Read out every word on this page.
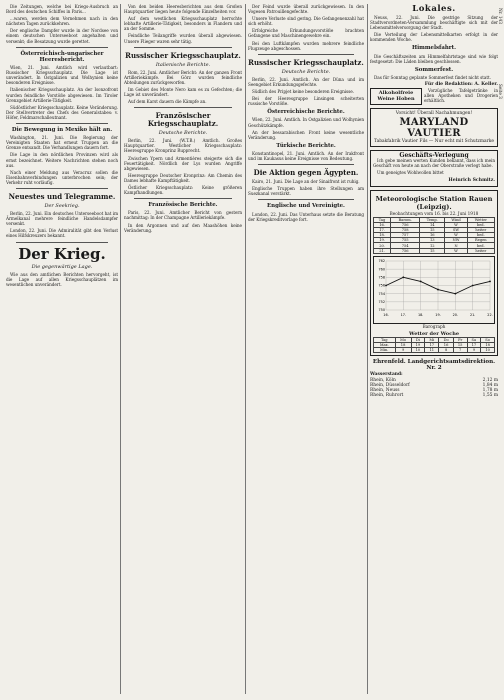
Die Zeitungen, welche bei Kriegs-Ausbruch an Bord des deutschen Schiffes in Paris...

...waren, werden dem Vernehmen nach in den nächsten Tagen zurückkehren.

Der englische Dampfer wurde in der Nordsee von einem deutschen Unterseeboot angehalten und versenkt; die Besatzung wurde gerettet.

Österreichisch-ungarischer Heeresbericht.

Wien, 21. Juni. Amtlich wird verlautbart: Russischer Kriegsschauplatz. Die Lage ist unverändert. In Ostgalizien und Wolhynien keine besonderen Ereignisse.

Italienischer Kriegsschauplatz. An der Isonzofront wurden feindliche Vorstöße abgewiesen. Im Tiroler Grenzgebiet Artillerie-Tätigkeit.

Südöstlicher Kriegsschauplatz. Keine Veränderung. Der Stellvertreter des Chefs des Generalstabes: v. Höfer, Feldmarschalleutnant.

Die Bewegung in Mexiko hält an.

Washington, 21. Juni. Die Regierung der Vereinigten Staaten hat erneut Truppen an die Grenze entsandt. Die Verhandlungen dauern fort.

Die Lage in den nördlichen Provinzen wird als ernst bezeichnet. Weitere Nachrichten stehen noch aus.

Nach einer Meldung aus Veracruz sollen die Eisenbahnverbindungen unterbrochen sein; der Verkehr ruht vorläufig.

Neuestes und Telegramme.
Der Seekrieg.

Berlin, 22. Juni. Ein deutsches Unterseeboot hat im Ärmelkanal mehrere feindliche Handelsdampfer versenkt.

London, 22. Juni. Die Admiralität gibt den Verlust eines Hilfskreuzers bekannt.

Der Krieg.
Die gegenwärtige Lage.

Wie aus den amtlichen Berichten hervorgeht, ist die Lage auf allen Kriegsschauplätzen im wesentlichen unverändert.

Von den beiden Heeresberichten aus dem Großen Hauptquartier liegen heute folgende Einzelheiten vor.

Auf dem westlichen Kriegsschauplatz herrschte lebhafte Artillerie-Tätigkeit, besonders in Flandern und an der Somme.

Feindliche Teilangriffe wurden überall abgewiesen. Unsere Flieger waren sehr tätig.

Russischer Kriegsschauplatz.
Italienische Berichte.

Rom, 22. Juni. Amtlicher Bericht: An der ganzen Front Artilleriekämpfe. Bei Görz wurden feindliche Abteilungen zurückgeworfen.

Im Gebiet des Monte Nero kam es zu Gefechten; die Lage ist unverändert.

Auf dem Karst dauern die Kämpfe an.

Französischer Kriegsschauplatz.
Deutsche Berichte.

Berlin, 22. Juni. (W.T.B.) Amtlich. Großes Hauptquartier. Westlicher Kriegsschauplatz: Heeresgruppe Kronprinz Rupprecht.

Zwischen Ypern und Armentières steigerte sich die Feuertätigkeit. Nördlich der Lys wurden Angriffe abgewiesen.

Heeresgruppe Deutscher Kronprinz: Am Chemin des Dames lebhafte Kampftätigkeit.

Östlicher Kriegsschauplatz: Keine größeren Kampfhandlungen.

Französische Berichte.

Paris, 22. Juni. Amtlicher Bericht von gestern nachmittag: In der Champagne Artilleriekämpfe.

In den Argonnen und auf den Maashöhen keine Veränderung.

Der Feind wurde überall zurückgewiesen. In den Vogesen Patrouillengefechte.

Unsere Verluste sind gering. Die Gefangenenzahl hat sich erhöht.

Erfolgreiche Erkundungsvorstöße brachten Gefangene und Maschinengewehre ein.

Bei den Luftkämpfen wurden mehrere feindliche Flugzeuge abgeschossen.

Russischer Kriegsschauplatz.
Deutsche Berichte.

Berlin, 22. Juni. Amtlich. An der Düna und im Seengebiet Erkundungsgefechte.

Südlich des Pripjet keine besonderen Ereignisse.

Bei der Heeresgruppe Linsingen scheiterten russische Vorstöße.

Österreichische Berichte.

Wien, 22. Juni. Amtlich. In Ostgalizien und Wolhynien Geschützkämpfe.

An der bessarabischen Front keine wesentliche Veränderung.

Türkische Berichte.

Konstantinopel, 21. Juni. Amtlich. An der Irakfront und im Kaukasus keine Ereignisse von Bedeutung.

Die Aktion gegen Ägypten.

Kairo, 21. Juni. Die Lage an der Sinaifront ist ruhig.

Englische Truppen haben ihre Stellungen am Suezkanal verstärkt.

Englische und Vereinigte.

London, 22. Juni. Das Unterhaus setzte die Beratung der Kriegskreditvorlage fort.

Lokales.

Neuss, 22. Juni. Die gestrige Sitzung der Stadtverordneten-Versammlung beschäftigte sich mit der Lebensmittelversorgung der Stadt.

Die Verteilung der Lebensmittelkarten erfolgt in der kommenden Woche.

Himmelsfahrt.

Die Geschäftszeiten am Himmelfahrtstage sind wie folgt festgesetzt: Die Läden bleiben geschlossen.

Sommerfest.

Das für Sonntag geplante Sommerfest findet nicht statt.

Für die Redaktion: A. Keller.
Alkoholfreie Weine Hoben
Vorzügliche Tafelgetränke in allen Apotheken und Drogerien erhältlich.
Vorsicht! Überall Nachahmungen!
MARYLAND VAUTIER
Tabakfabrik Vautier Fils — Nur echt mit Schutzmarke
Geschäfts-Verlegung

Ich gebe meinen werten Kunden bekannt, dass ich mein Geschäft von heute an nach der Oberstraße verlegt habe.

Um geneigtes Wohlwollen bittet

Heinrich Schmitz.
Meteorologische Station Rauen (Leipzig).
Beobachtungen vom 16. bis 22. Juni 1918
Tag	Barom.	Temp.	Wind	Wetter
16.	756	14	W	bed.
17.	758	15	SW	heiter
18.	757	16	W	bed.
19.	755	13	NW	Regen
20.	754	12	N	bed.
21.	756	15	W	heiter
750
752
754
756
758
760
762
16.	17.	18.	19.	20.	21.	22.
Barograph
Wetter der Woche
Tag	Mo	Di	Mi	Do	Fr	Sa	So
Max.	18	19	17	16	15	17	18
Min.	9	10	11	8	7	9	10
Ehrenfeld. Landgerichtsamtsdirektion. Nr. 2
Wasserstand:
Rhein, Köln	2,12 m
Rhein, Düsseldorf	1,84 m
Rhein, Neuss	1,78 m
Rhein, Ruhrort	1,55 m
Nr. 143
Seite 3
